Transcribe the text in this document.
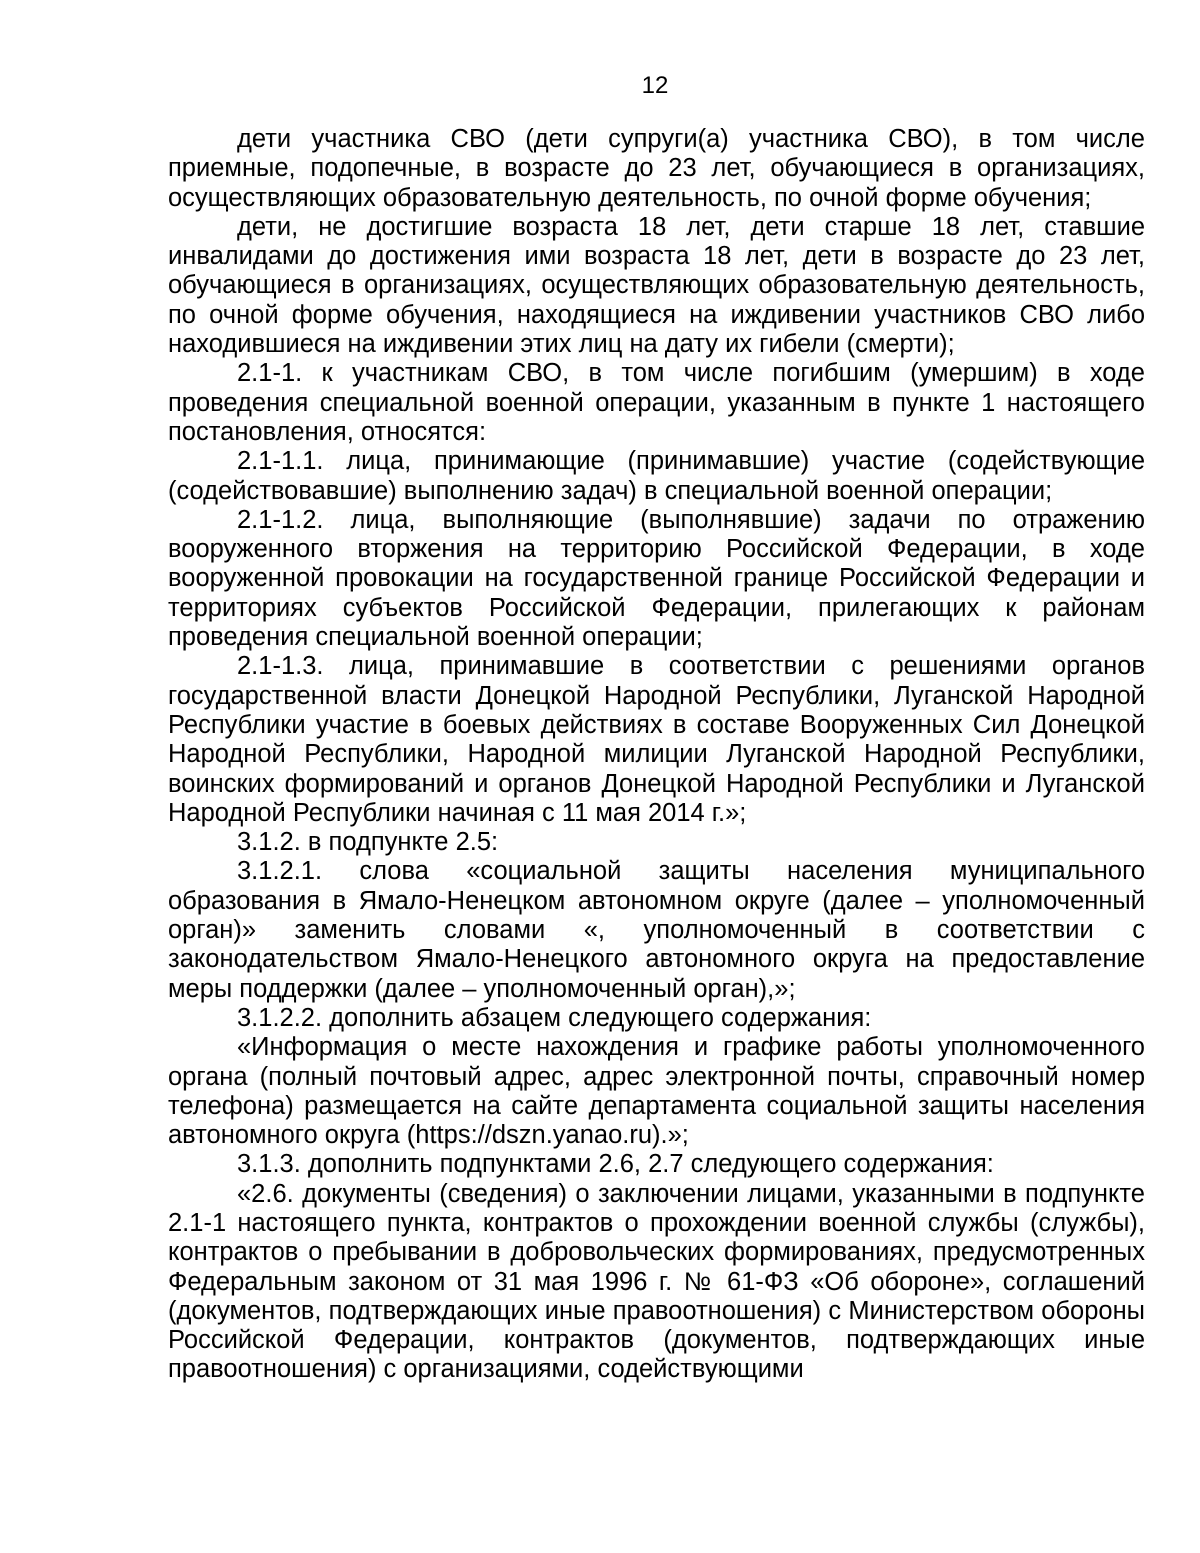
12

дети участника СВО (дети супруги(а) участника СВО), в том числе приемные, подопечные, в возрасте до 23 лет, обучающиеся в организациях, осуществляющих образовательную деятельность, по очной форме обучения;

дети, не достигшие возраста 18 лет, дети старше 18 лет, ставшие инвалидами до достижения ими возраста 18 лет, дети в возрасте до 23 лет, обучающиеся в организациях, осуществляющих образовательную деятельность, по очной форме обучения, находящиеся на иждивении участников СВО либо находившиеся на иждивении этих лиц на дату их гибели (смерти);

2.1-1. к участникам СВО, в том числе погибшим (умершим) в ходе проведения специальной военной операции, указанным в пункте 1 настоящего постановления, относятся:

2.1-1.1. лица, принимающие (принимавшие) участие (содействующие (содействовавшие) выполнению задач) в специальной военной операции;

2.1-1.2. лица, выполняющие (выполнявшие) задачи по отражению вооруженного вторжения на территорию Российской Федерации, в ходе вооруженной провокации на государственной границе Российской Федерации и территориях субъектов Российской Федерации, прилегающих к районам проведения специальной военной операции;

2.1-1.3. лица, принимавшие в соответствии с решениями органов государственной власти Донецкой Народной Республики, Луганской Народной Республики участие в боевых действиях в составе Вооруженных Сил Донецкой Народной Республики, Народной милиции Луганской Народной Республики, воинских формирований и органов Донецкой Народной Республики и Луганской Народной Республики начиная с 11 мая 2014 г.»;

3.1.2. в подпункте 2.5:

3.1.2.1. слова «социальной защиты населения муниципального образования в Ямало-Ненецком автономном округе (далее – уполномоченный орган)» заменить словами «, уполномоченный в соответствии с законодательством Ямало-Ненецкого автономного округа на предоставление меры поддержки (далее – уполномоченный орган),»;

3.1.2.2. дополнить абзацем следующего содержания:

«Информация о месте нахождения и графике работы уполномоченного органа (полный почтовый адрес, адрес электронной почты, справочный номер телефона) размещается на сайте департамента социальной защиты населения автономного округа (https://dszn.yanao.ru).»;

3.1.3. дополнить подпунктами 2.6, 2.7 следующего содержания:

«2.6. документы (сведения) о заключении лицами, указанными в подпункте 2.1-1 настоящего пункта, контрактов о прохождении военной службы (службы), контрактов о пребывании в добровольческих формированиях, предусмотренных Федеральным законом от 31 мая 1996 г. № 61-ФЗ «Об обороне», соглашений (документов, подтверждающих иные правоотношения) с Министерством обороны Российской Федерации, контрактов (документов, подтверждающих иные правоотношения) с организациями, содействующими
